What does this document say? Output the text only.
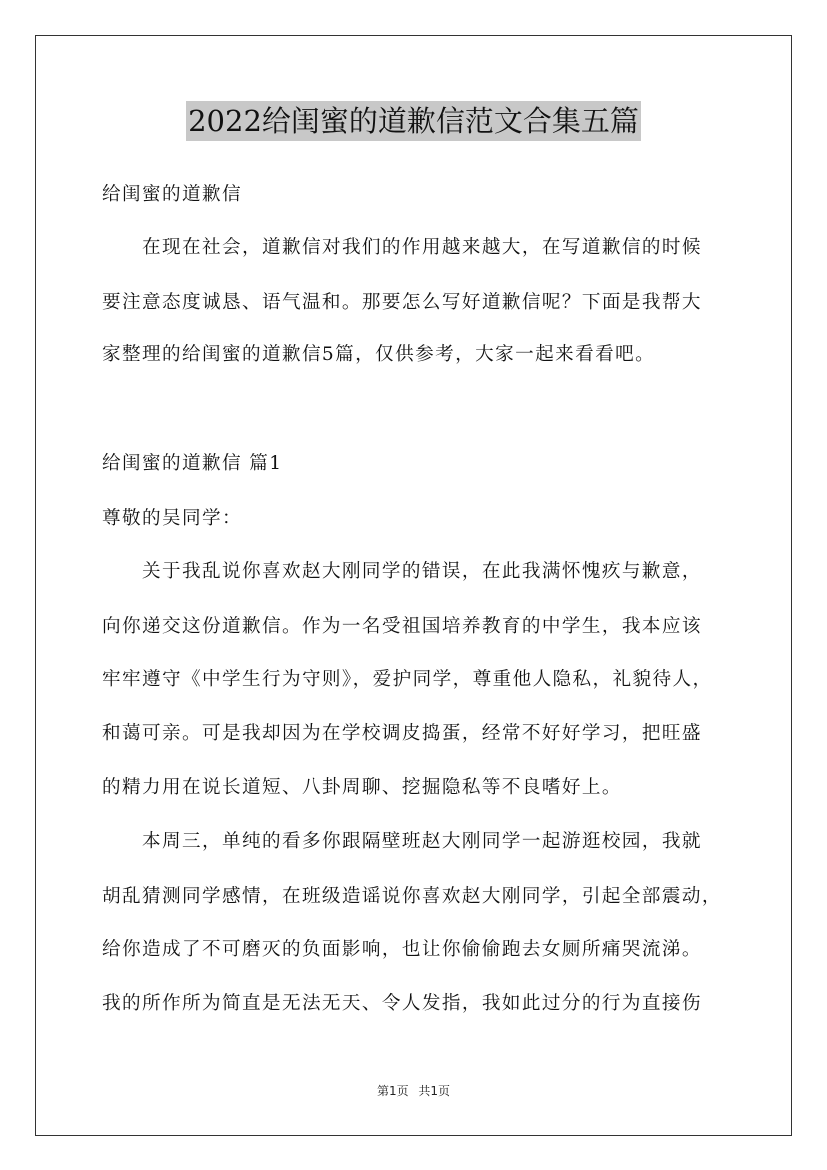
2022给闺蜜的道歉信范文合集五篇
给闺蜜的道歉信
在现在社会，道歉信对我们的作用越来越大，在写道歉信的时候
要注意态度诚恳、语气温和。那要怎么写好道歉信呢？下面是我帮大
家整理的给闺蜜的道歉信5篇，仅供参考，大家一起来看看吧。
给闺蜜的道歉信 篇1
尊敬的吴同学：
关于我乱说你喜欢赵大刚同学的错误，在此我满怀愧疚与歉意，
向你递交这份道歉信。作为一名受祖国培养教育的中学生，我本应该
牢牢遵守《中学生行为守则》，爱护同学，尊重他人隐私，礼貌待人，
和蔼可亲。可是我却因为在学校调皮捣蛋，经常不好好学习，把旺盛
的精力用在说长道短、八卦周聊、挖掘隐私等不良嗜好上。
本周三，单纯的看多你跟隔壁班赵大刚同学一起游逛校园，我就
胡乱猜测同学感情，在班级造谣说你喜欢赵大刚同学，引起全部震动，
给你造成了不可磨灭的负面影响，也让你偷偷跑去女厕所痛哭流涕。
我的所作所为简直是无法无天、令人发指，我如此过分的行为直接伤
第1页 共1页
